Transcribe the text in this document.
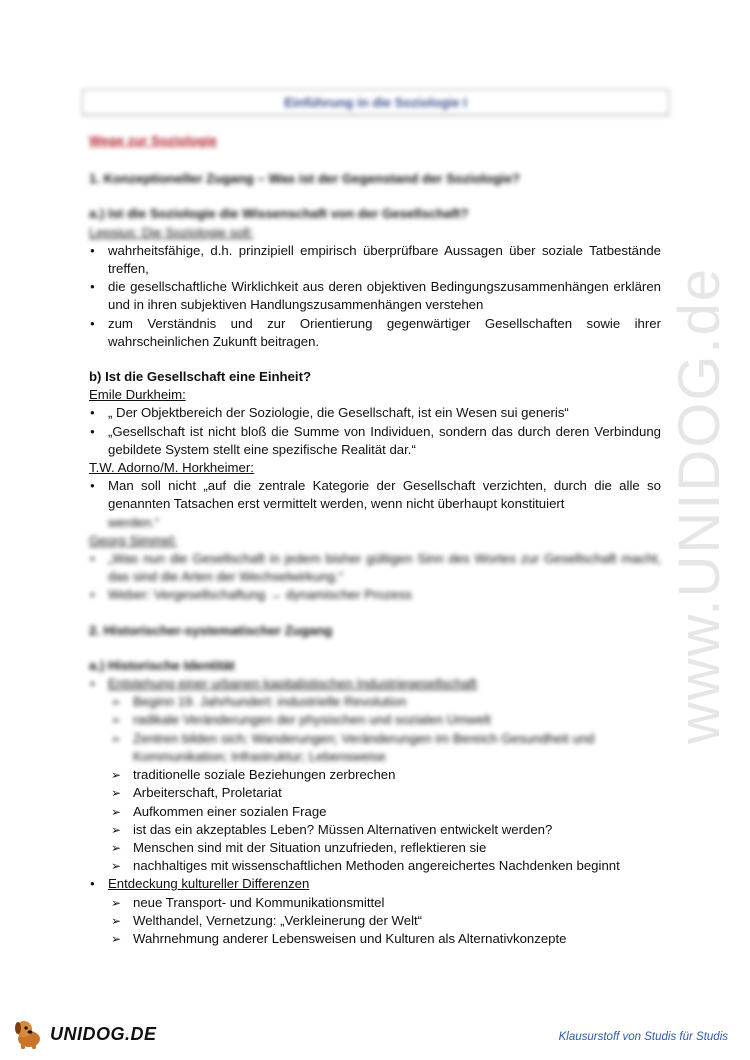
www.UNIDOG.de
Einführung in die Soziologie I

Wege zur Soziologie

1. Konzeptioneller Zugang – Was ist der Gegenstand der Soziologie?

a.) Ist die Soziologie die Wissenschaft von der Gesellschaft?

Lepsius: Die Soziologie soll:

● wahrheitsfähige, d.h. prinzipiell empirisch überprüfbare Aussagen über soziale Tatbestände treffen,
● die gesellschaftliche Wirklichkeit aus deren objektiven Bedingungszusammenhängen erklären und in ihren subjektiven Handlungszusammenhängen verstehen
● zum Verständnis und zur Orientierung gegenwärtiger Gesellschaften sowie ihrer wahrscheinlichen Zukunft beitragen.

b) Ist die Gesellschaft eine Einheit?

Emile Durkheim:

● „ Der Objektbereich der Soziologie, die Gesellschaft, ist ein Wesen sui generis“
● „Gesellschaft ist nicht bloß die Summe von Individuen, sondern das durch deren Verbindung gebildete System stellt eine spezifische Realität dar.“

T.W. Adorno/M. Horkheimer:

● Man soll nicht „auf die zentrale Kategorie der Gesellschaft verzichten, durch die alle so genannten Tatsachen erst vermittelt werden, wenn nicht überhaupt konstituiert
werden.“

Georg Simmel:

● „Was nun die Gesellschaft in jedem bisher gültigen Sinn des Wortes zur Gesellschaft macht, das sind die Arten der Wechselwirkung.“
● Weber: Vergesellschaftung → dynamischer Prozess

2. Historischer-systematischer Zugang

a.) Historische Identität

● Entstehung einer urbanen kapitalistischen Industriegesellschaft
➢ Beginn 19. Jahrhundert: industrielle Revolution
➢ radikale Veränderungen der physischen und sozialen Umwelt
➢ Zentren bilden sich; Wanderungen; Veränderungen im Bereich Gesundheit und Kommunikation; Infrastruktur; Lebensweise
➢ traditionelle soziale Beziehungen zerbrechen
➢ Arbeiterschaft, Proletariat
➢ Aufkommen einer sozialen Frage
➢ ist das ein akzeptables Leben? Müssen Alternativen entwickelt werden?
➢ Menschen sind mit der Situation unzufrieden, reflektieren sie
➢ nachhaltiges mit wissenschaftlichen Methoden angereichertes Nachdenken beginnt
● Entdeckung kultureller Differenzen
➢ neue Transport- und Kommunikationsmittel
➢ Welthandel, Vernetzung: „Verkleinerung der Welt“
➢ Wahrnehmung anderer Lebensweisen und Kulturen als Alternativkonzepte
UNIDOG.DE	Klausurstoff von Studis für Studis
